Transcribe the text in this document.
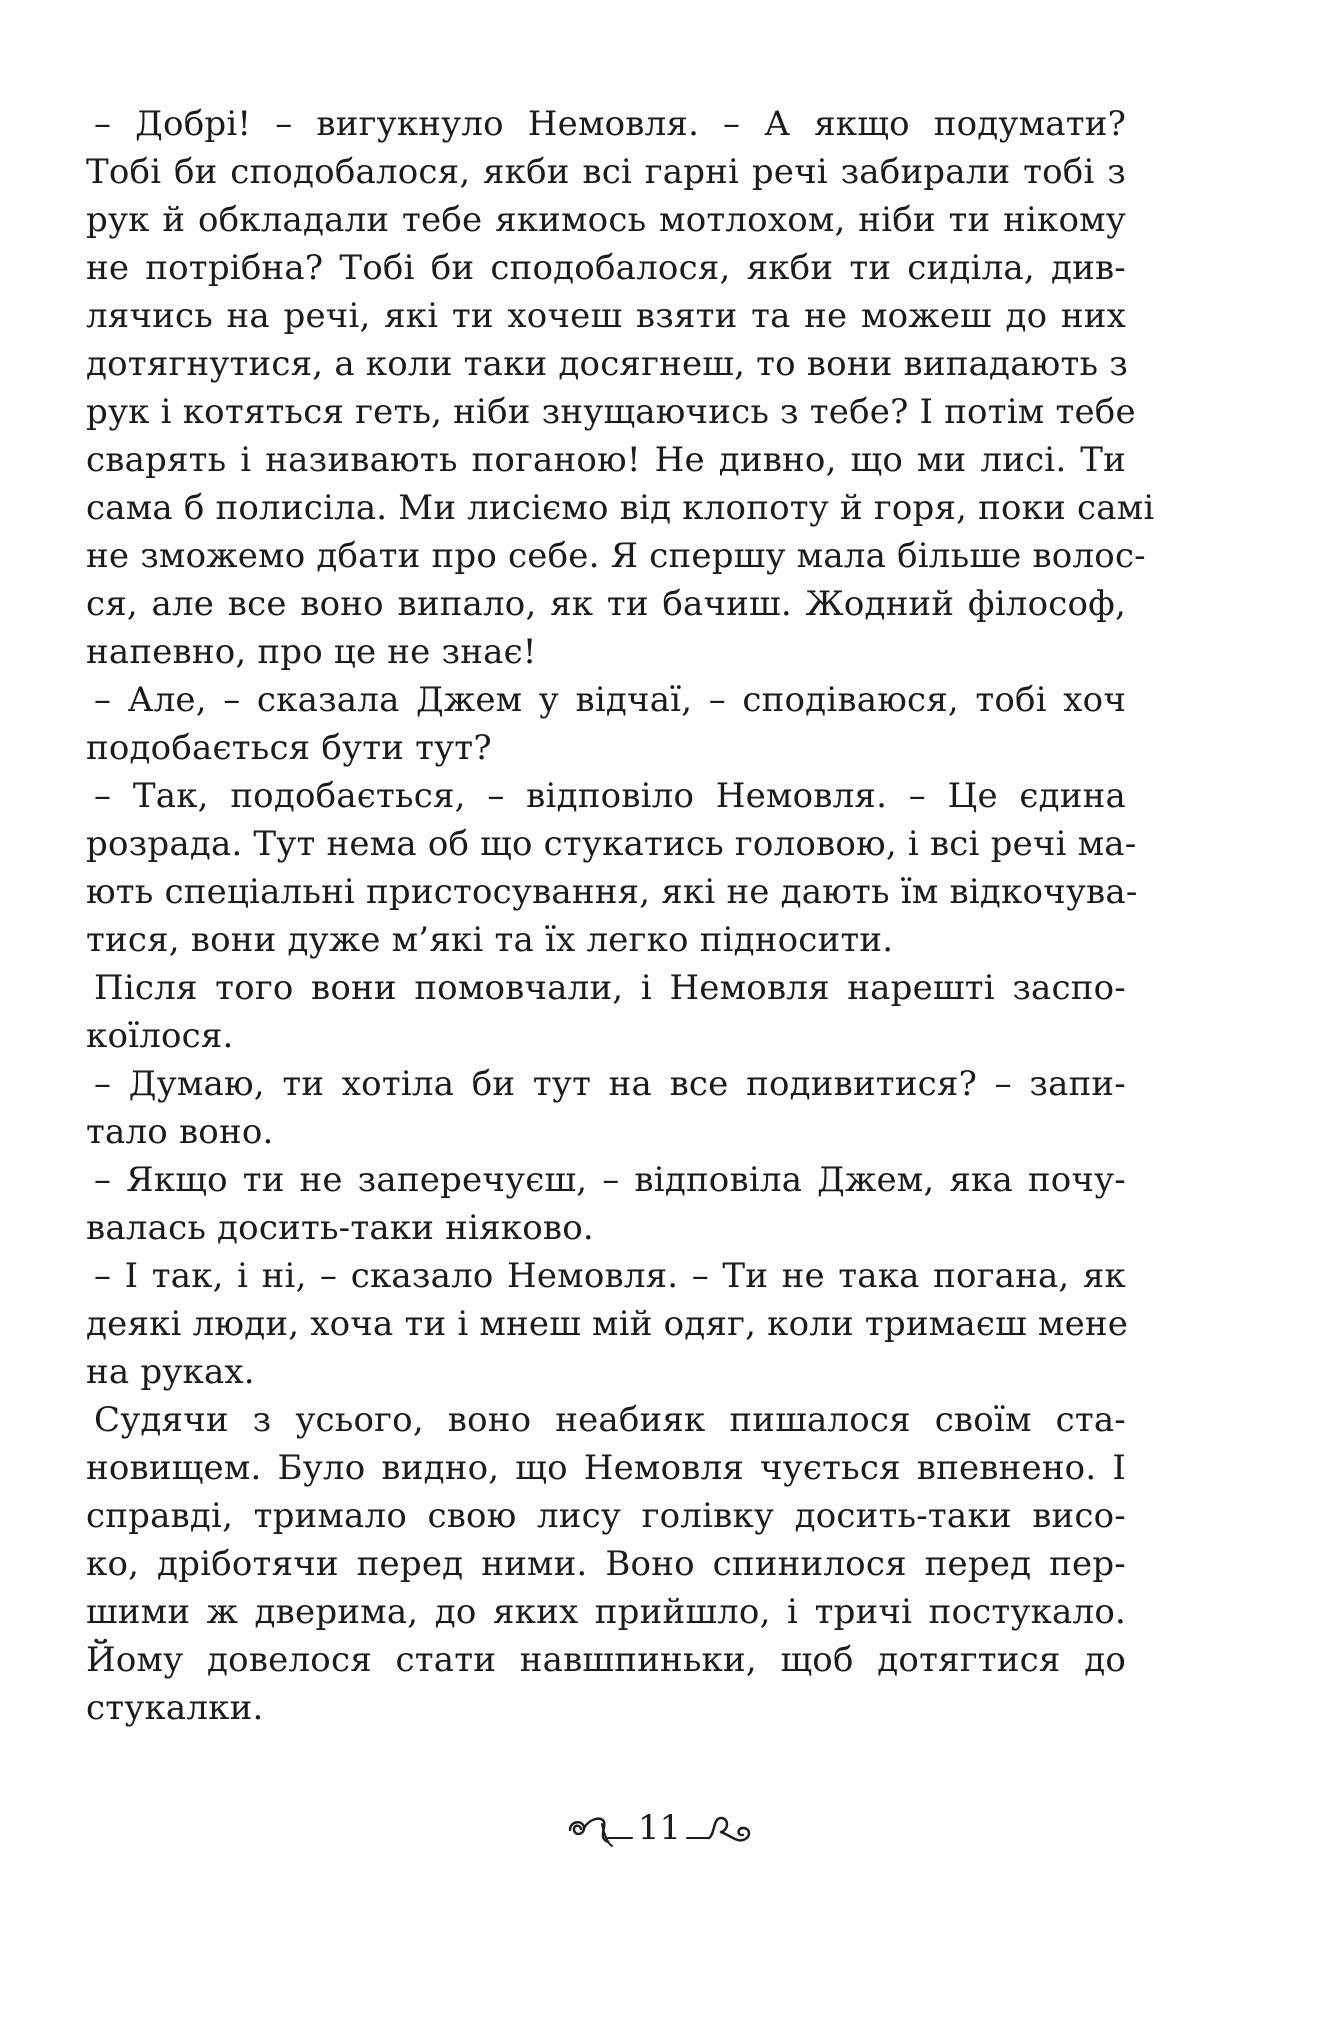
– Добрі! – вигукнуло Немовля. – А якщо подумати?
Тобі би сподобалося, якби всі гарні речі забирали тобі з
рук й обкладали тебе якимось мотлохом, ніби ти нікому
не потрібна? Тобі би сподобалося, якби ти сиділа, див-
лячись на речі, які ти хочеш взяти та не можеш до них
дотягнутися, а коли таки досягнеш, то вони випадають з
рук і котяться геть, ніби знущаючись з тебе? І потім тебе
сварять і називають поганою! Не дивно, що ми лисі. Ти
сама б полисіла. Ми лисіємо від клопоту й горя, поки самі
не зможемо дбати про себе. Я спершу мала більше волос-
ся, але все воно випало, як ти бачиш. Жодний філософ,
напевно, про це не знає!
– Але, – сказала Джем у відчаї, – сподіваюся, тобі хоч
подобається бути тут?
– Так, подобається, – відповіло Немовля. – Це єдина
розрада. Тут нема об що стукатись головою, і всі речі ма-
ють спеціальні пристосування, які не дають їм відкочува-
тися, вони дуже м’які та їх легко підносити.
Після того вони помовчали, і Немовля нарешті заспо-
коїлося.
– Думаю, ти хотіла би тут на все подивитися? – запи-
тало воно.
– Якщо ти не заперечуєш, – відповіла Джем, яка почу-
валась досить-таки ніяково.
– І так, і ні, – сказало Немовля. – Ти не така погана, як
деякі люди, хоча ти і мнеш мій одяг, коли тримаєш мене
на руках.
Судячи з усього, воно неабияк пишалося своїм ста-
новищем. Було видно, що Немовля чується впевнено. І
справді, тримало свою лису голівку досить-таки висо-
ко, дріботячи перед ними. Воно спинилося перед пер-
шими ж дверима, до яких прийшло, і тричі постукало.
Йому довелося стати навшпиньки, щоб дотягтися до
стукалки.
11
